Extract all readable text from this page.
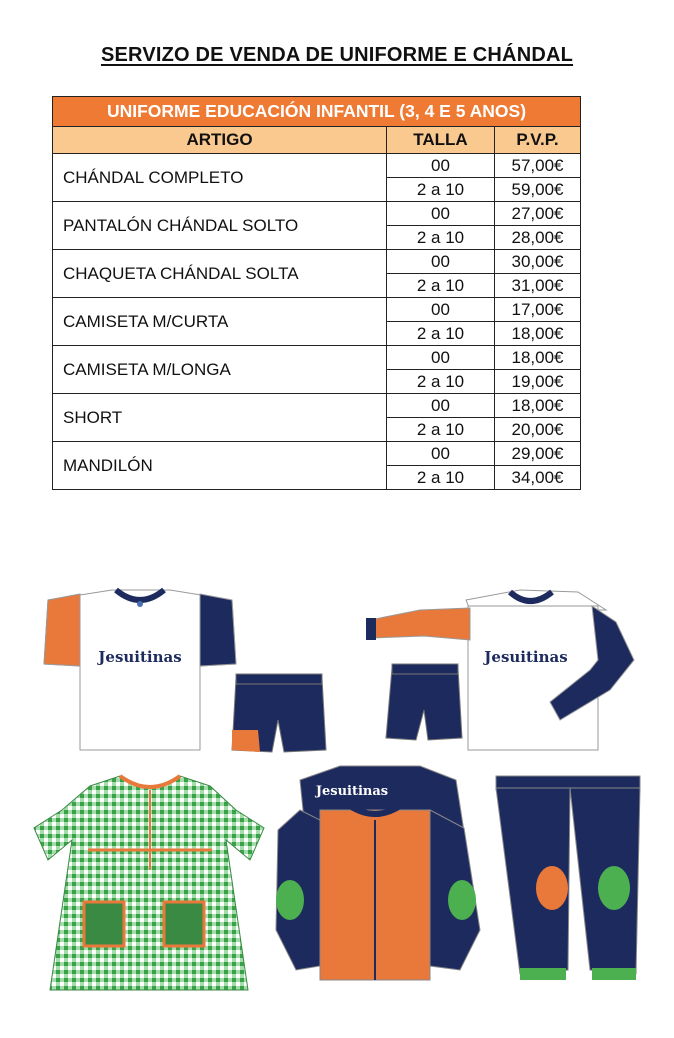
SERVIZO DE VENDA DE UNIFORME E CHÁNDAL
UNIFORME EDUCACIÓN INFANTIL (3, 4 E 5 ANOS)		
ARTIGO	TALLA	P.V.P.
CHÁNDAL COMPLETO	00	57,00€
	2 a 10	59,00€
PANTALÓN CHÁNDAL SOLTO	00	27,00€
	2 a 10	28,00€
CHAQUETA CHÁNDAL SOLTA	00	30,00€
	2 a 10	31,00€
CAMISETA M/CURTA	00	17,00€
	2 a 10	18,00€
CAMISETA M/LONGA	00	18,00€
	2 a 10	19,00€
SHORT	00	18,00€
	2 a 10	20,00€
MANDILÓN	00	29,00€
	2 a 10	34,00€
Jesuitinas	Jesuitinas
Jesuitinas
